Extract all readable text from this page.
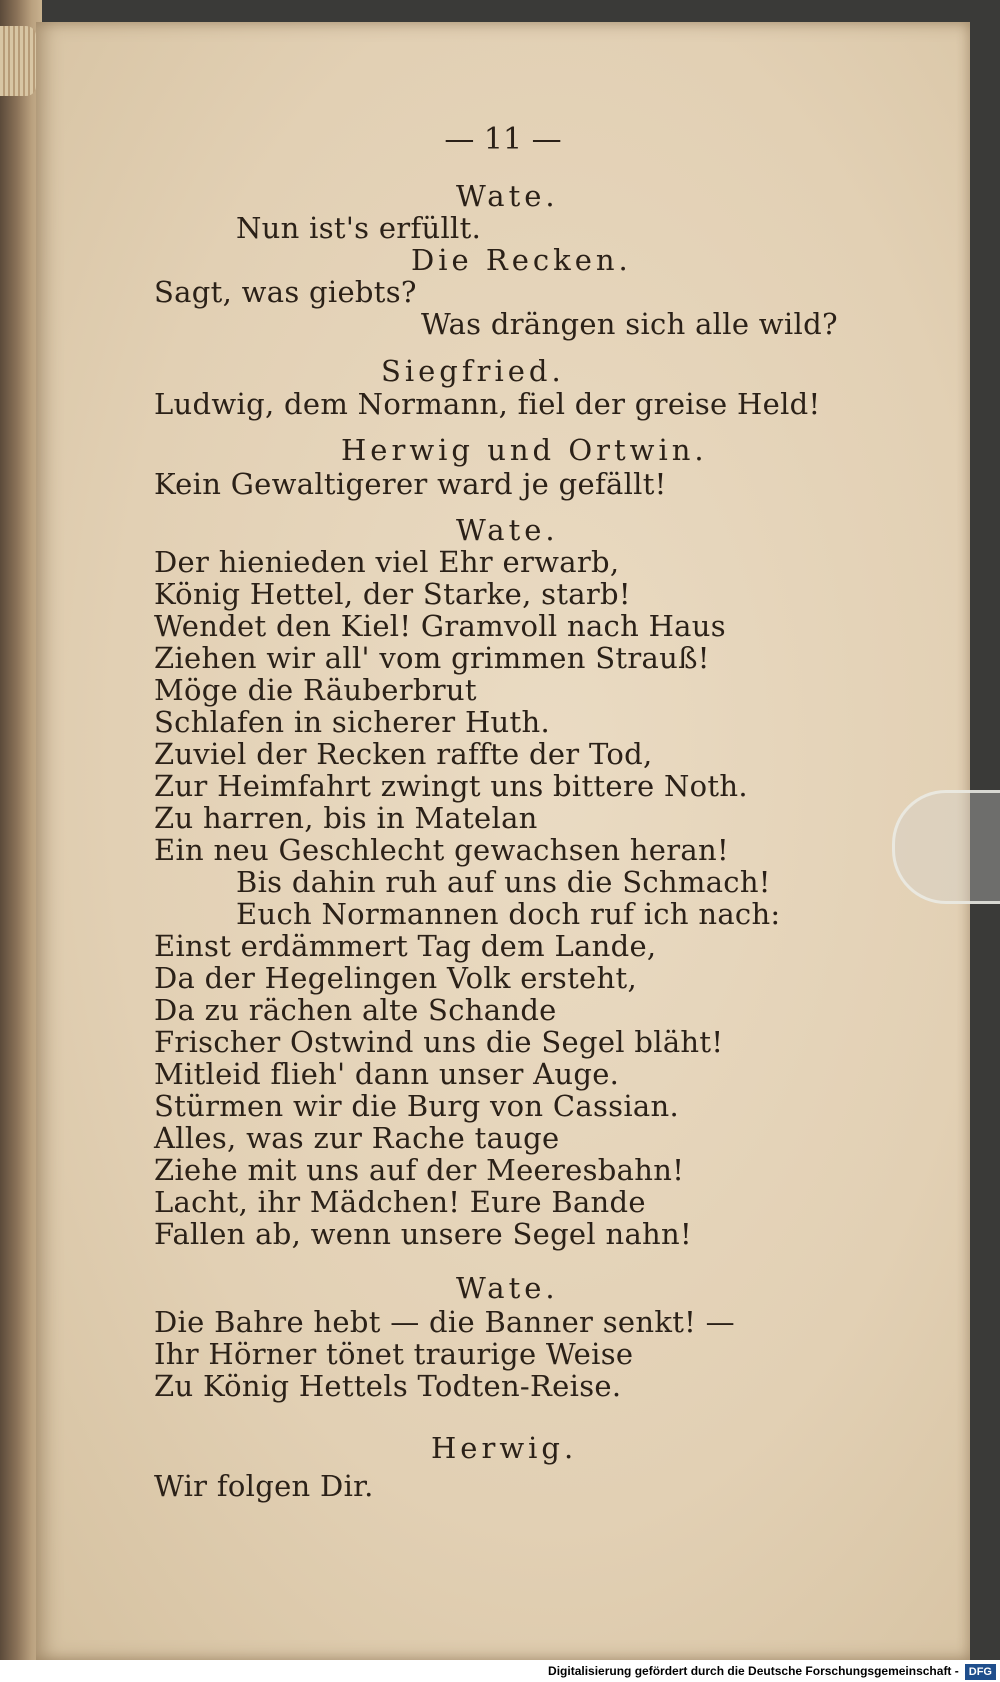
— 11 —
Wate.
Nun ist's erfüllt.
Die Recken.
Sagt, was giebts?
Was drängen sich alle wild?
Siegfried.
Ludwig, dem Normann, fiel der greise Held!
Herwig und Ortwin.
Kein Gewaltigerer ward je gefällt!
Wate.
Der hienieden viel Ehr erwarb,
König Hettel, der Starke, starb!
Wendet den Kiel! Gramvoll nach Haus
Ziehen wir all' vom grimmen Strauß!
Möge die Räuberbrut
Schlafen in sicherer Huth.
Zuviel der Recken raffte der Tod,
Zur Heimfahrt zwingt uns bittere Noth.
Zu harren, bis in Matelan
Ein neu Geschlecht gewachsen heran!
Bis dahin ruh auf uns die Schmach!
Euch Normannen doch ruf ich nach:
Einst erdämmert Tag dem Lande,
Da der Hegelingen Volk ersteht,
Da zu rächen alte Schande
Frischer Ostwind uns die Segel bläht!
Mitleid flieh' dann unser Auge.
Stürmen wir die Burg von Cassian.
Alles, was zur Rache tauge
Ziehe mit uns auf der Meeresbahn!
Lacht, ihr Mädchen! Eure Bande
Fallen ab, wenn unsere Segel nahn!
Wate.
Die Bahre hebt — die Banner senkt! —
Ihr Hörner tönet traurige Weise
Zu König Hettels Todten-Reise.
Herwig.
Wir folgen Dir.
Digitalisierung gefördert durch die Deutsche Forschungsgemeinschaft - DFG
